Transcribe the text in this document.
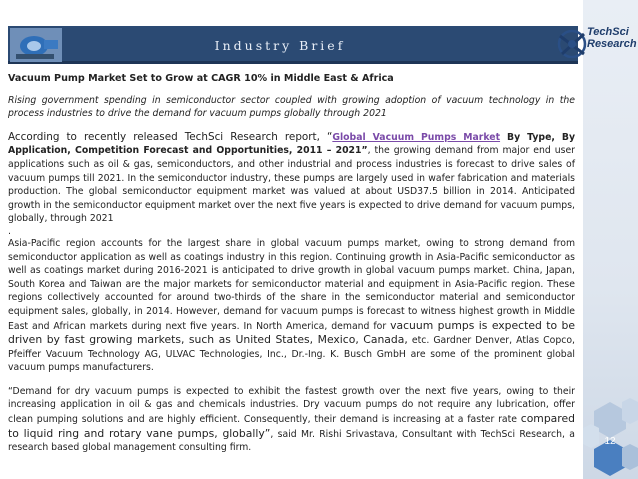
Industry Brief
TechSci
Research
Vacuum Pump Market Set to Grow at CAGR 10% in Middle East & Africa
Rising government spending in semiconductor sector coupled with growing adoption of vacuum technology in the process industries to drive the demand for vacuum pumps globally through 2021
According to recently released TechSci Research report, “Global Vacuum Pumps Market By Type, By Application, Competition Forecast and Opportunities, 2011 – 2021”, the growing demand from major end user applications such as oil & gas, semiconductors, and other industrial and process industries is forecast to drive sales of vacuum pumps till 2021. In the semiconductor industry, these pumps are largely used in wafer fabrication and materials production. The global semiconductor equipment market was valued at about USD37.5 billion in 2014. Anticipated growth in the semiconductor equipment market over the next five years is expected to drive demand for vacuum pumps, globally, through 2021
.
Asia-Pacific region accounts for the largest share in global vacuum pumps market, owing to strong demand from semiconductor application as well as coatings industry in this region. Continuing growth in Asia-Pacific semiconductor as well as coatings market during 2016-2021 is anticipated to drive growth in global vacuum pumps market. China, Japan, South Korea and Taiwan are the major markets for semiconductor material and equipment in Asia-Pacific region. These regions collectively accounted for around two-thirds of the share in the semiconductor material and semiconductor equipment sales, globally, in 2014. However, demand for vacuum pumps is forecast to witness highest growth in Middle East and African markets during next five years. In North America, demand for vacuum pumps is expected to be driven by fast growing markets, such as United States, Mexico, Canada, etc. Gardner Denver, Atlas Copco, Pfeiffer Vacuum Technology AG, ULVAC Technologies, Inc., Dr.-Ing. K. Busch GmbH are some of the prominent global vacuum pumps manufacturers.
“Demand for dry vacuum pumps is expected to exhibit the fastest growth over the next five years, owing to their increasing application in oil & gas and chemicals industries. Dry vacuum pumps do not require any lubrication, offer clean pumping solutions and are highly efficient. Consequently, their demand is increasing at a faster rate compared to liquid ring and rotary vane pumps, globally”, said Mr. Rishi Srivastava, Consultant with TechSci Research, a research based global management consulting firm.
12
